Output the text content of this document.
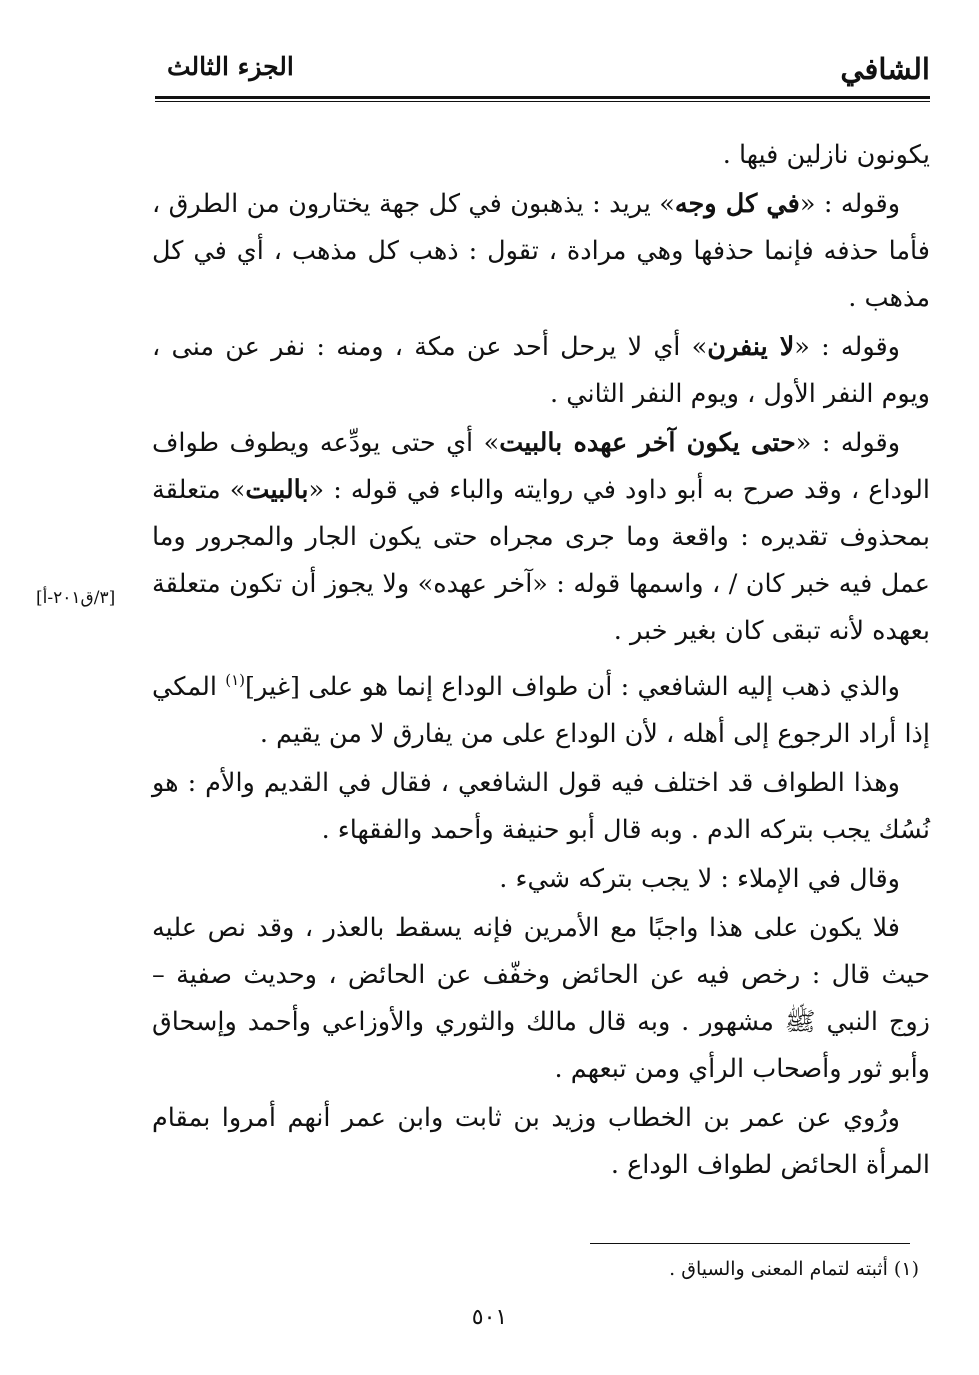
الشافي
الجزء الثالث

يكونون نازلين فيها .

وقوله : «في كل وجه» يريد : يذهبون في كل جهة يختارون من الطرق ، فأما حذفه فإنما حذفها وهي مرادة ، تقول : ذهب كل مذهب ، أي في كل مذهب .

وقوله : «لا ينفرن» أي لا يرحل أحد عن مكة ، ومنه : نفر عن منى ، ويوم النفر الأول ، ويوم النفر الثاني .

وقوله : «حتى يكون آخر عهده بالبيت» أي حتى يودِّعه ويطوف طواف الوداع ، وقد صرح به أبو داود في روايته والباء في قوله : «بالبيت» متعلقة بمحذوف تقديره : واقعة وما جرى مجراه حتى يكون الجار والمجرور وما عمل فيه خبر كان / ، واسمها قوله : «آخر عهده» ولا يجوز أن تكون متعلقة بعهده لأنه تبقى كان بغير خبر .

والذي ذهب إليه الشافعي : أن طواف الوداع إنما هو على [غير]$^{(١)}$ المكي إذا أراد الرجوع إلى أهله ، لأن الوداع على من يفارق لا من يقيم .

وهذا الطواف قد اختلف فيه قول الشافعي ، فقال في القديم والأم : هو نُسُك يجب بتركه الدم . وبه قال أبو حنيفة وأحمد والفقهاء .

وقال في الإملاء : لا يجب بتركه شيء .

فلا يكون على هذا واجبًا مع الأمرين فإنه يسقط بالعذر ، وقد نص عليه حيث قال : رخص فيه عن الحائض وخفّف عن الحائض ، وحديث صفية – زوج النبي ﷺ مشهور . وبه قال مالك والثوري والأوزاعي وأحمد وإسحاق وأبو ثور وأصحاب الرأي ومن تبعهم .

ورُوي عن عمر بن الخطاب وزيد بن ثابت وابن عمر أنهم أمروا بمقام المرأة الحائض لطواف الوداع .

[٣/ق٢٠١-أ]
(١) أثبته لتمام المعنى والسياق .
٥٠١
